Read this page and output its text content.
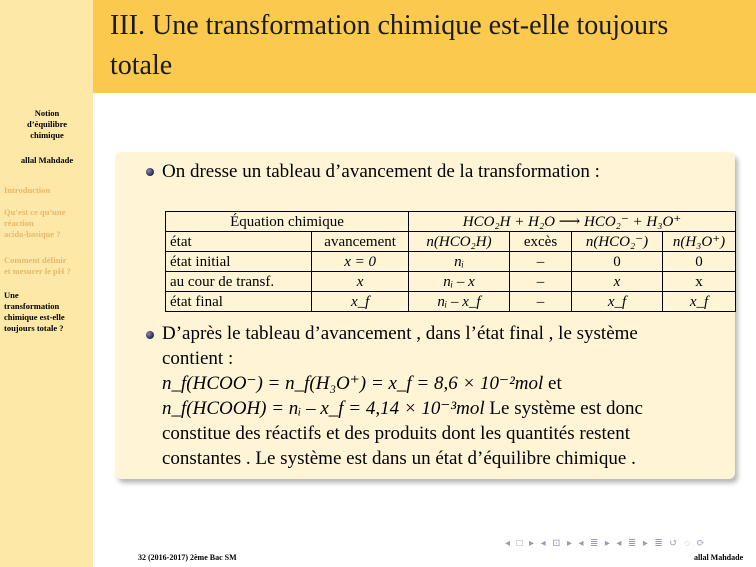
III. Une transformation chimique est-elle toujours
totale
Notion
d’équilibre
chimique
allal Mahdade
Introduction
Qu’est ce qu’une
réaction
acido-basique ?
Comment définir
et mesurer le pH ?
Une
transformation
chimique est-elle
toujours totale ?
On dresse un tableau d’avancement de la transformation :
Équation chimique		HCO₂H + H₂O ⟶ HCO₂⁻ + H₃O⁺			
état	avancement	n(HCO₂H)	excès	n(HCO₂⁻)	n(H₃O⁺)
état initial	x = 0	nᵢ	–	0	0
au cour de transf.	x	nᵢ – x	–	x	x
état final	x_f	nᵢ – x_f	–	x_f	x_f
D’après le tableau d’avancement , dans l’état final , le système
contient :
n_f(HCOO⁻) = n_f(H₃O⁺) = x_f = 8,6 × 10⁻²mol et
n_f(HCOOH) = nᵢ – x_f = 4,14 × 10⁻³mol Le système est donc
constitue des réactifs et des produits dont les quantités restent
constantes . Le système est dans un état d’équilibre chimique .
◂ □ ▸ ◂ ⊡ ▸ ◂ ≣ ▸ ◂ ≣ ▸ ≣ ↺ ◌ ⟳
32 (2016-2017) 2ème Bac SM	allal Mahdade
